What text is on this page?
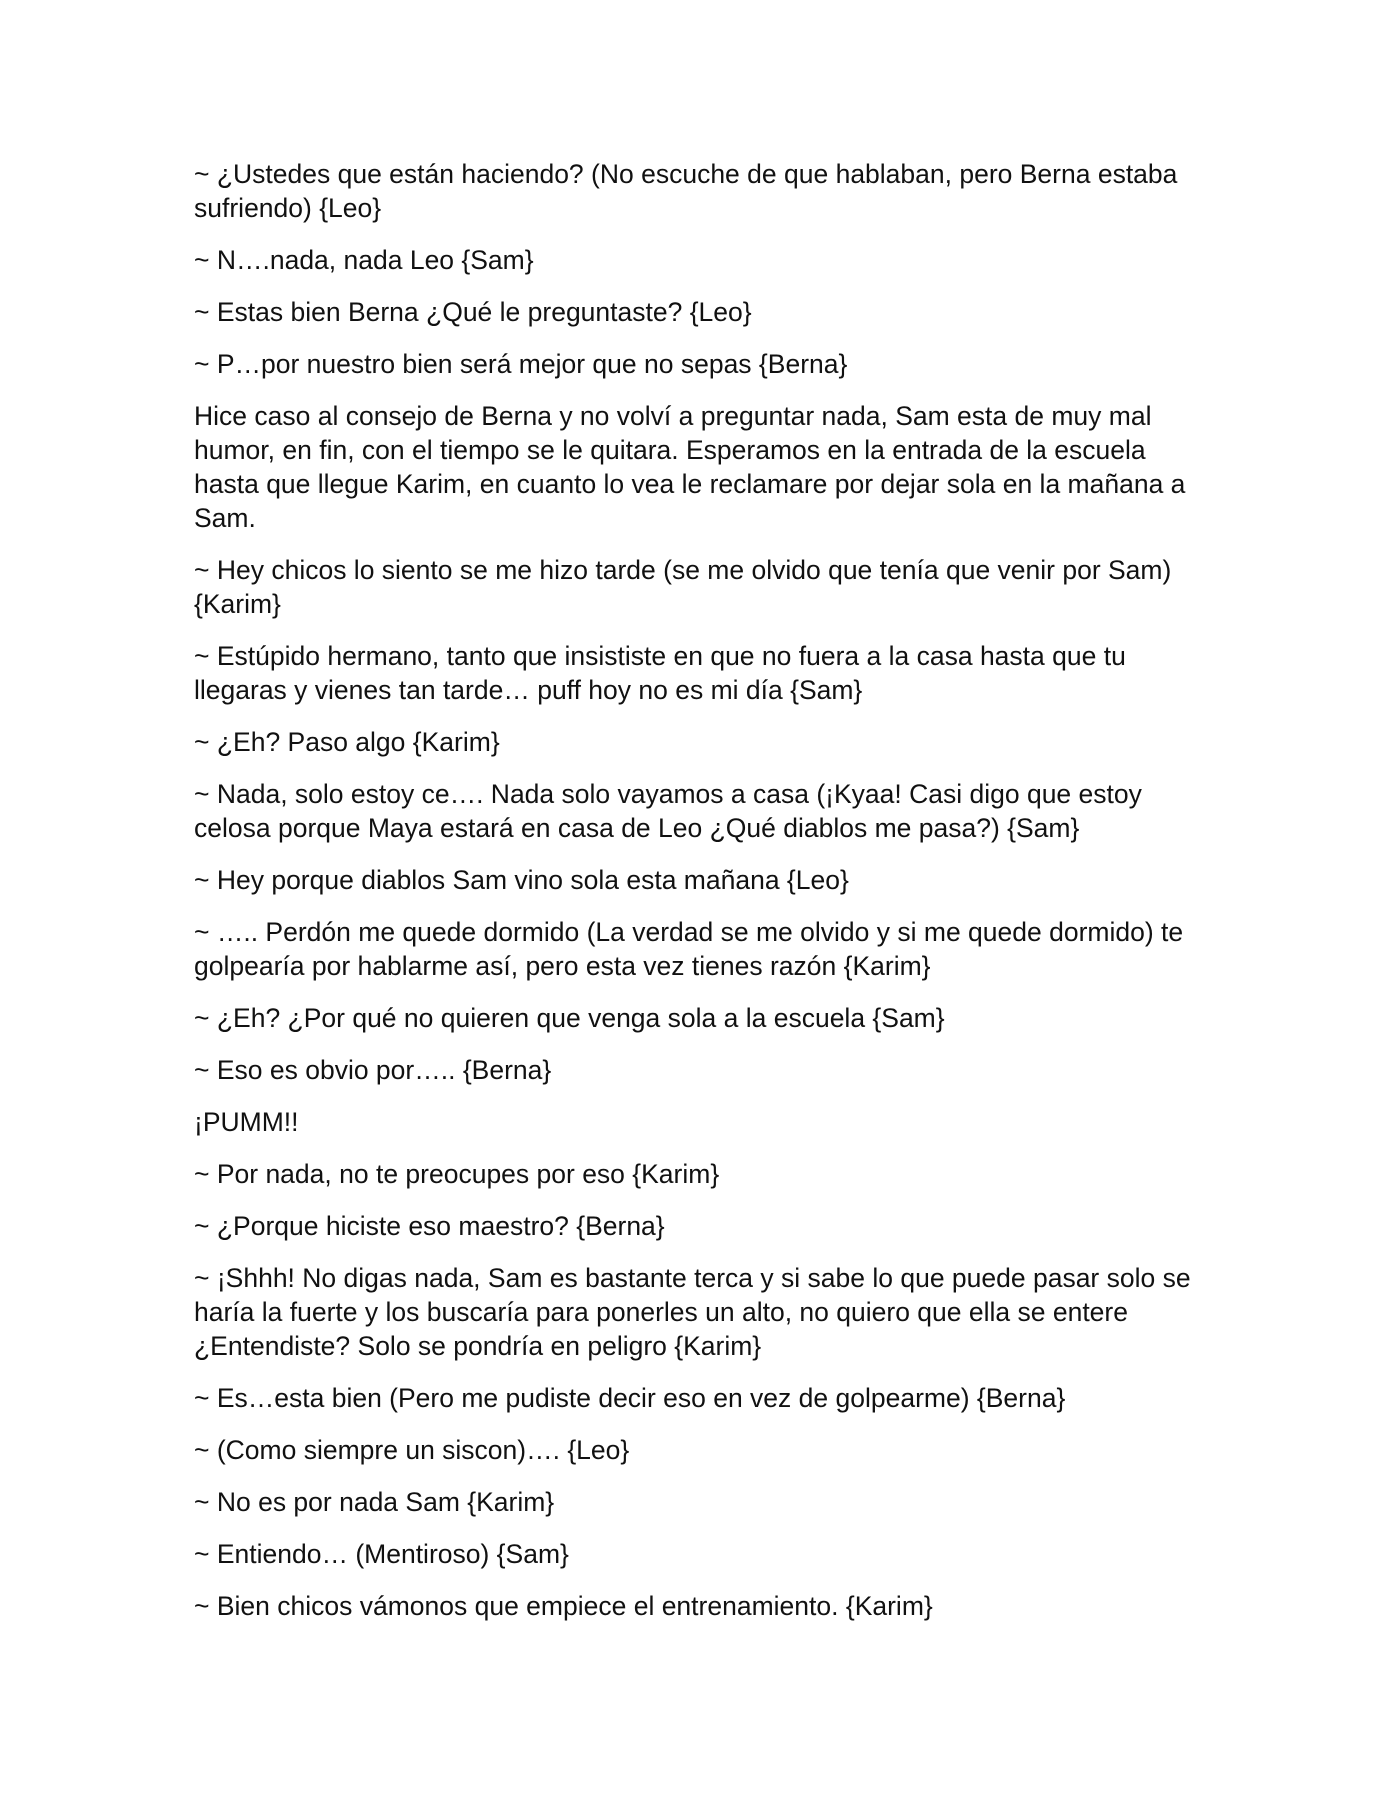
~ ¿Ustedes que están haciendo? (No escuche de que hablaban, pero Berna estaba sufriendo) {Leo}

~ N….nada, nada Leo {Sam}

~ Estas bien Berna ¿Qué le preguntaste? {Leo}

~ P…por nuestro bien será mejor que no sepas {Berna}

Hice caso al consejo de Berna y no volví a preguntar nada, Sam esta de muy mal humor, en fin, con el tiempo se le quitara. Esperamos en la entrada de la escuela hasta que llegue Karim, en cuanto lo vea le reclamare por dejar sola en la mañana a Sam.

~ Hey chicos lo siento se me hizo tarde (se me olvido que tenía que venir por Sam) {Karim}

~ Estúpido hermano, tanto que insististe en que no fuera a la casa hasta que tu llegaras y vienes tan tarde… puff hoy no es mi día {Sam}

~ ¿Eh? Paso algo {Karim}

~ Nada, solo estoy ce…. Nada solo vayamos a casa (¡Kyaa! Casi digo que estoy celosa porque Maya estará en casa de Leo ¿Qué diablos me pasa?) {Sam}

~ Hey porque diablos Sam vino sola esta mañana {Leo}

~ ….. Perdón me quede dormido (La verdad se me olvido y si me quede dormido) te golpearía por hablarme así, pero esta vez tienes razón {Karim}

~ ¿Eh? ¿Por qué no quieren que venga sola a la escuela {Sam}

~ Eso es obvio por….. {Berna}

¡PUMM!!

~ Por nada, no te preocupes por eso {Karim}

~ ¿Porque hiciste eso maestro? {Berna}

~ ¡Shhh! No digas nada, Sam es bastante terca y si sabe lo que puede pasar solo se haría la fuerte y los buscaría para ponerles un alto, no quiero que ella se entere ¿Entendiste? Solo se pondría en peligro {Karim}

~ Es…esta bien (Pero me pudiste decir eso en vez de golpearme) {Berna}

~ (Como siempre un siscon)…. {Leo}

~ No es por nada Sam {Karim}

~ Entiendo… (Mentiroso) {Sam}

~ Bien chicos vámonos que empiece el entrenamiento. {Karim}
